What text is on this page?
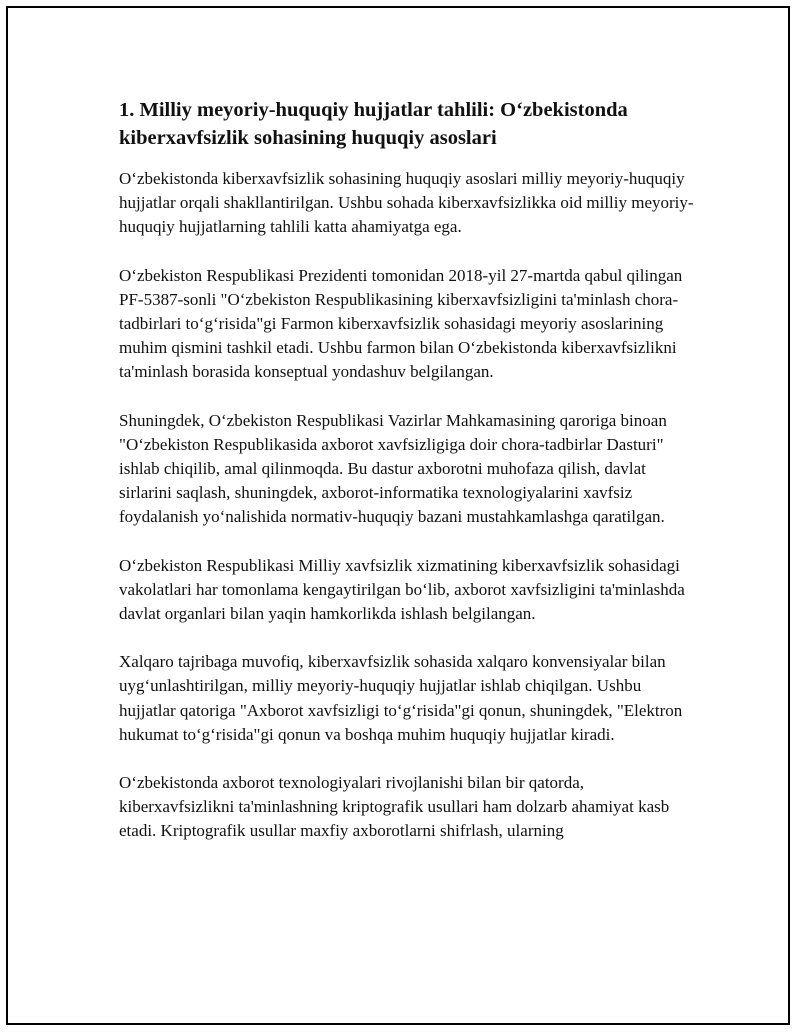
1. Milliy meyoriy-huquqiy hujjatlar tahlili: O‘zbekistonda kiberxavfsizlik sohasining huquqiy asoslari

O‘zbekistonda kiberxavfsizlik sohasining huquqiy asoslari milliy meyoriy-huquqiy hujjatlar orqali shakllantirilgan. Ushbu sohada kiberxavfsizlikka oid milliy meyoriy-huquqiy hujjatlarning tahlili katta ahamiyatga ega.

O‘zbekiston Respublikasi Prezidenti tomonidan 2018-yil 27-martda qabul qilingan PF-5387-sonli "O‘zbekiston Respublikasining kiberxavfsizligini ta'minlash chora-tadbirlari to‘g‘risida"gi Farmon kiberxavfsizlik sohasidagi meyoriy asoslarining muhim qismini tashkil etadi. Ushbu farmon bilan O‘zbekistonda kiberxavfsizlikni ta'minlash borasida konseptual yondashuv belgilangan.

Shuningdek, O‘zbekiston Respublikasi Vazirlar Mahkamasining qaroriga binoan "O‘zbekiston Respublikasida axborot xavfsizligiga doir chora-tadbirlar Dasturi" ishlab chiqilib, amal qilinmoqda. Bu dastur axborotni muhofaza qilish, davlat sirlarini saqlash, shuningdek, axborot-informatika texnologiyalarini xavfsiz foydalanish yo‘nalishida normativ-huquqiy bazani mustahkamlashga qaratilgan.

O‘zbekiston Respublikasi Milliy xavfsizlik xizmatining kiberxavfsizlik sohasidagi vakolatlari har tomonlama kengaytirilgan bo‘lib, axborot xavfsizligini ta'minlashda davlat organlari bilan yaqin hamkorlikda ishlash belgilangan.

Xalqaro tajribaga muvofiq, kiberxavfsizlik sohasida xalqaro konvensiyalar bilan uyg‘unlashtirilgan, milliy meyoriy-huquqiy hujjatlar ishlab chiqilgan. Ushbu hujjatlar qatoriga "Axborot xavfsizligi to‘g‘risida"gi qonun, shuningdek, "Elektron hukumat to‘g‘risida"gi qonun va boshqa muhim huquqiy hujjatlar kiradi.

O‘zbekistonda axborot texnologiyalari rivojlanishi bilan bir qatorda, kiberxavfsizlikni ta'minlashning kriptografik usullari ham dolzarb ahamiyat kasb etadi. Kriptografik usullar maxfiy axborotlarni shifrlash, ularning
